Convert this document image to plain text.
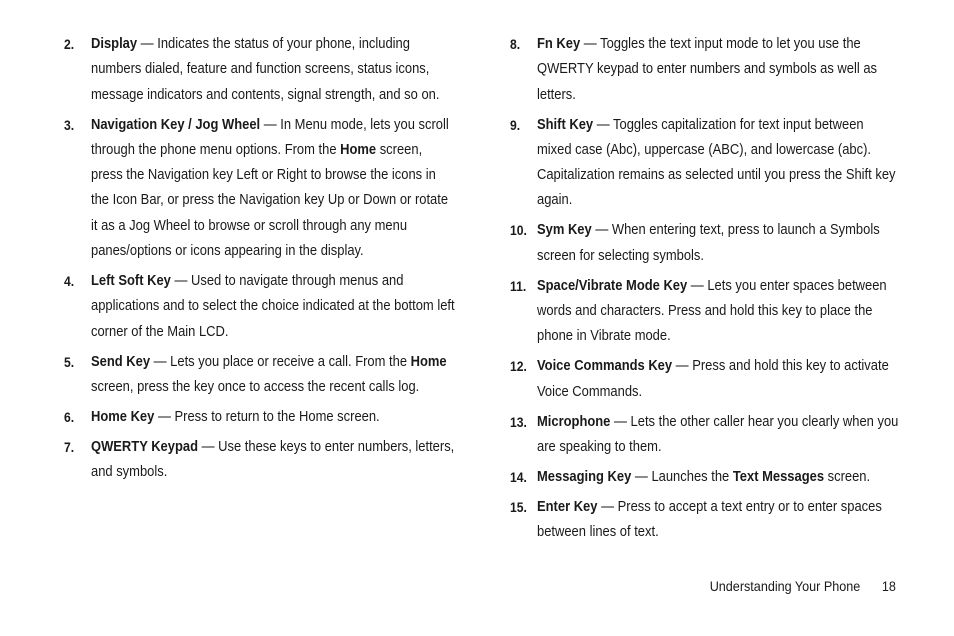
2.	Display — Indicates the status of your phone, including numbers dialed, feature and function screens, status icons, message indicators and contents, signal strength, and so on.
3.	Navigation Key / Jog Wheel — In Menu mode, lets you scroll through the phone menu options. From the Home screen, press the Navigation key Left or Right to browse the icons in the Icon Bar, or press the Navigation key Up or Down or rotate it as a Jog Wheel to browse or scroll through any menu panes/options or icons appearing in the display.
4.	Left Soft Key — Used to navigate through menus and applications and to select the choice indicated at the bottom left corner of the Main LCD.
5.	Send Key — Lets you place or receive a call. From the Home screen, press the key once to access the recent calls log.
6.	Home Key — Press to return to the Home screen.
7.	QWERTY Keypad — Use these keys to enter numbers, letters, and symbols.
8.	Fn Key — Toggles the text input mode to let you use the QWERTY keypad to enter numbers and symbols as well as letters.
9.	Shift Key — Toggles capitalization for text input between mixed case (Abc), uppercase (ABC), and lowercase (abc). Capitalization remains as selected until you press the Shift key again.
10. Sym Key — When entering text, press to launch a Symbols screen for selecting symbols.
11. Space/Vibrate Mode Key — Lets you enter spaces between words and characters. Press and hold this key to place the phone in Vibrate mode.
12. Voice Commands Key — Press and hold this key to activate Voice Commands.
13. Microphone — Lets the other caller hear you clearly when you are speaking to them.
14. Messaging Key — Launches the Text Messages screen.
15. Enter Key — Press to accept a text entry or to enter spaces between lines of text.
Understanding Your Phone 18
